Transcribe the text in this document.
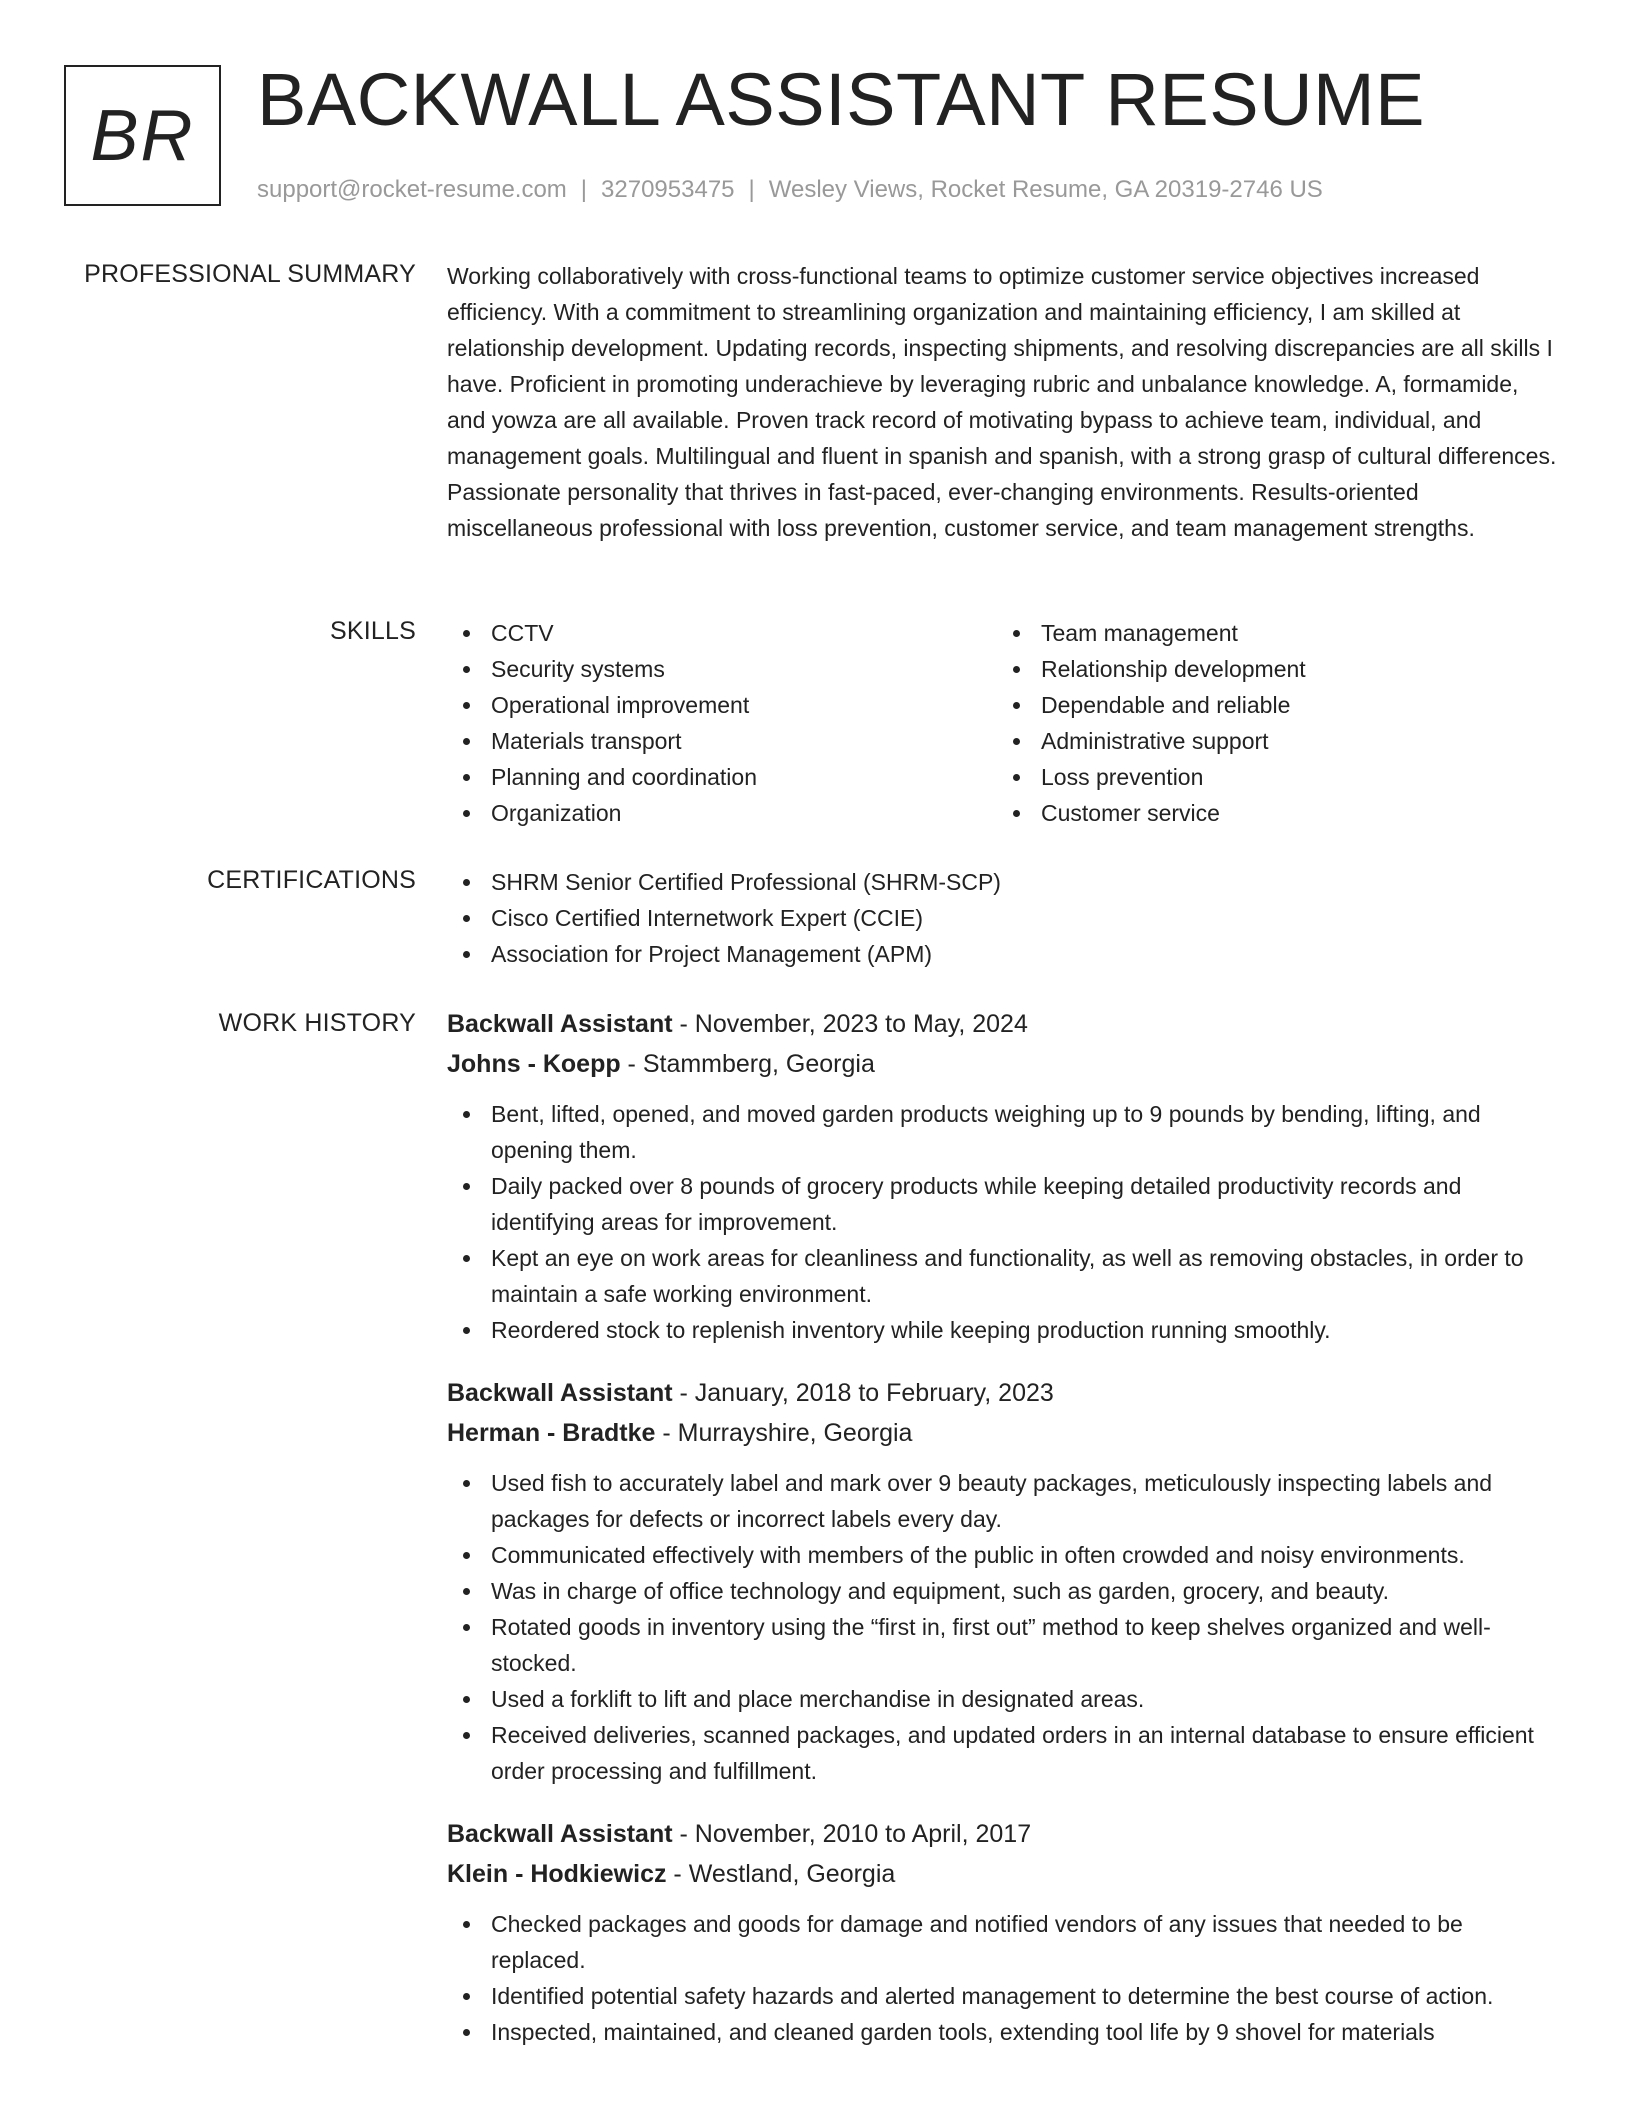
BR BACKWALL ASSISTANT RESUME
support@rocket-resume.com | 3270953475 | Wesley Views, Rocket Resume, GA 20319-2746 US
PROFESSIONAL SUMMARY Working collaboratively with cross-functional teams to optimize customer service objectives increased efficiency. With a commitment to streamlining organization and maintaining efficiency, I am skilled at relationship development. Updating records, inspecting shipments, and resolving discrepancies are all skills I have. Proficient in promoting underachieve by leveraging rubric and unbalance knowledge. A, formamide, and yowza are all available. Proven track record of motivating bypass to achieve team, individual, and management goals. Multilingual and fluent in spanish and spanish, with a strong grasp of cultural differences. Passionate personality that thrives in fast-paced, ever-changing environments. Results-oriented miscellaneous professional with loss prevention, customer service, and team management strengths.

SKILLS	CCTV
Security systems
Operational improvement
Materials transport
Planning and coordination
Organization
Team management
Relationship development
Dependable and reliable
Administrative support
Loss prevention
Customer service
CERTIFICATIONS	SHRM Senior Certified Professional (SHRM-SCP)
Cisco Certified Internetwork Expert (CCIE)
Association for Project Management (APM)
WORK HISTORY Backwall Assistant - November, 2023 to May, 2024
Johns - Koepp - Stammberg, Georgia
Bent, lifted, opened, and moved garden products weighing up to 9 pounds by bending, lifting, and opening them.
Daily packed over 8 pounds of grocery products while keeping detailed productivity records and identifying areas for improvement.
Kept an eye on work areas for cleanliness and functionality, as well as removing obstacles, in order to maintain a safe working environment.
Reordered stock to replenish inventory while keeping production running smoothly.
Backwall Assistant - January, 2018 to February, 2023
Herman - Bradtke - Murrayshire, Georgia
Used fish to accurately label and mark over 9 beauty packages, meticulously inspecting labels and packages for defects or incorrect labels every day.
Communicated effectively with members of the public in often crowded and noisy environments.
Was in charge of office technology and equipment, such as garden, grocery, and beauty.
Rotated goods in inventory using the “first in, first out” method to keep shelves organized and well-stocked.
Used a forklift to lift and place merchandise in designated areas.
Received deliveries, scanned packages, and updated orders in an internal database to ensure efficient order processing and fulfillment.
Backwall Assistant - November, 2010 to April, 2017
Klein - Hodkiewicz - Westland, Georgia
Checked packages and goods for damage and notified vendors of any issues that needed to be replaced.
Identified potential safety hazards and alerted management to determine the best course of action.
Inspected, maintained, and cleaned garden tools, extending tool life by 9 shovel for materials
